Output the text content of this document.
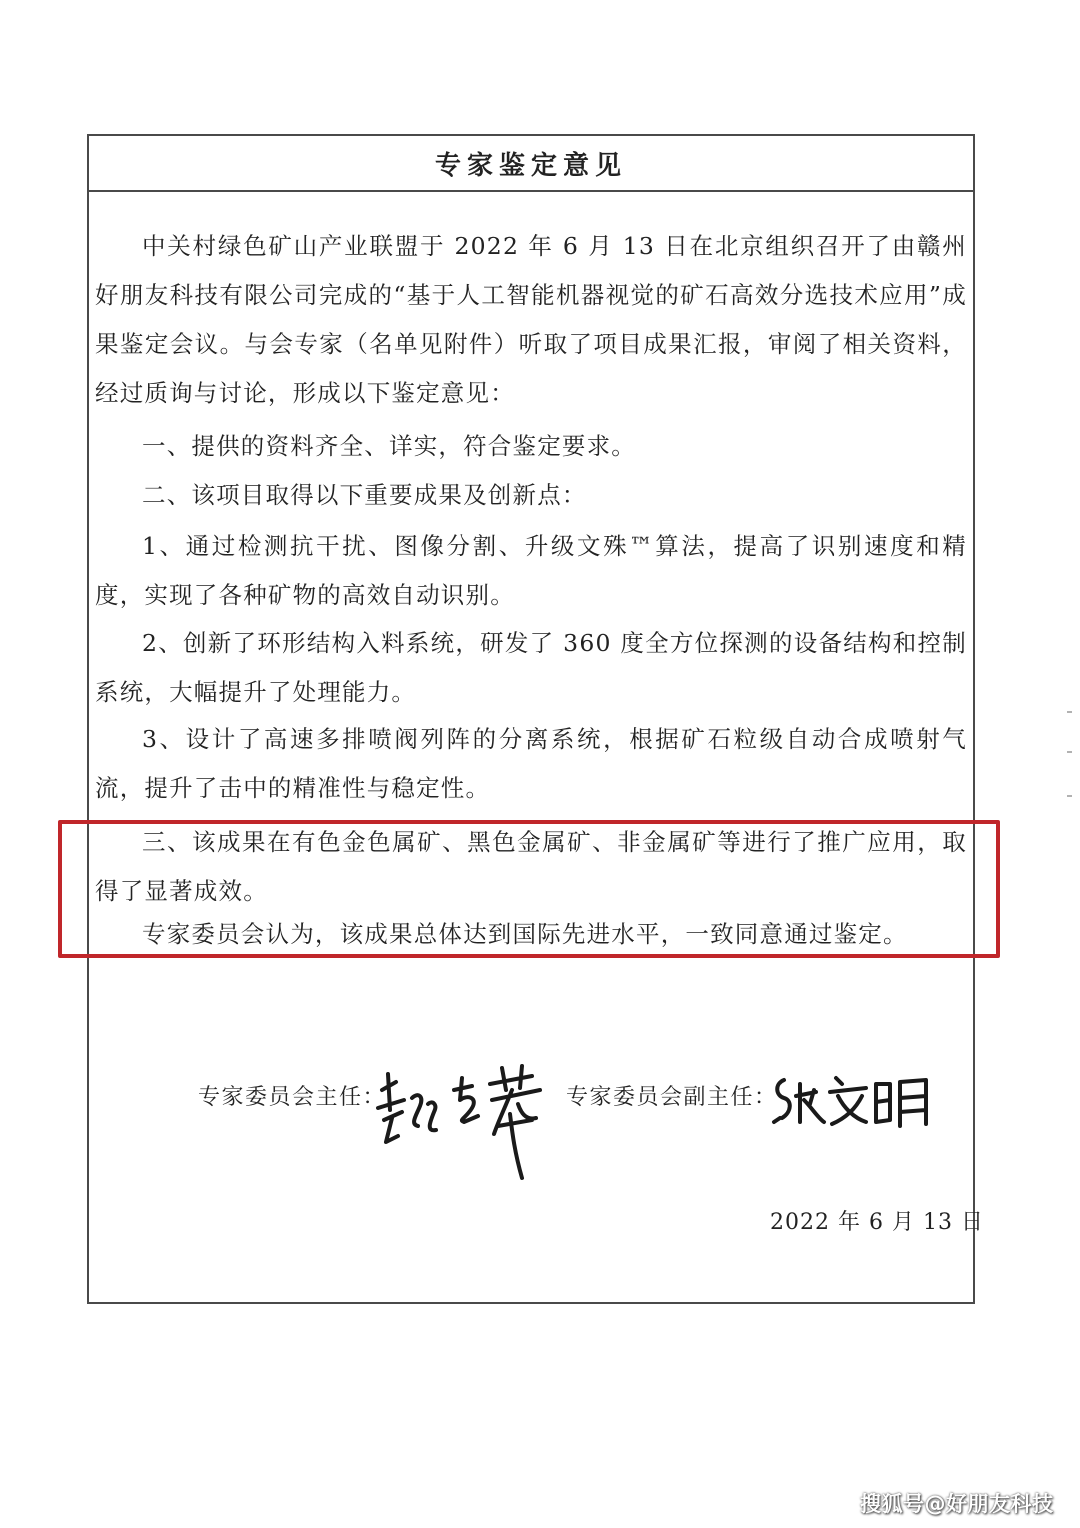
专家鉴定意见

中关村绿色矿山产业联盟于 2022 年 6 月 13 日在北京组织召开了由赣州好朋友科技有限公司完成的“基于人工智能机器视觉的矿石高效分选技术应用”成果鉴定会议。与会专家（名单见附件）听取了项目成果汇报，审阅了相关资料，经过质询与讨论，形成以下鉴定意见：

一、提供的资料齐全、详实，符合鉴定要求。

二、该项目取得以下重要成果及创新点：

1、通过检测抗干扰、图像分割、升级文殊™算法，提高了识别速度和精度，实现了各种矿物的高效自动识别。

2、创新了环形结构入料系统，研发了 360 度全方位探测的设备结构和控制系统，大幅提升了处理能力。

3、设计了高速多排喷阀列阵的分离系统，根据矿石粒级自动合成喷射气流，提升了击中的精准性与稳定性。

三、该成果在有色金色属矿、黑色金属矿、非金属矿等进行了推广应用，取得了显著成效。

专家委员会认为，该成果总体达到国际先进水平，一致同意通过鉴定。

专家委员会主任：	专家委员会副主任：
2022 年 6 月 13 日
搜狐号@好朋友科技
